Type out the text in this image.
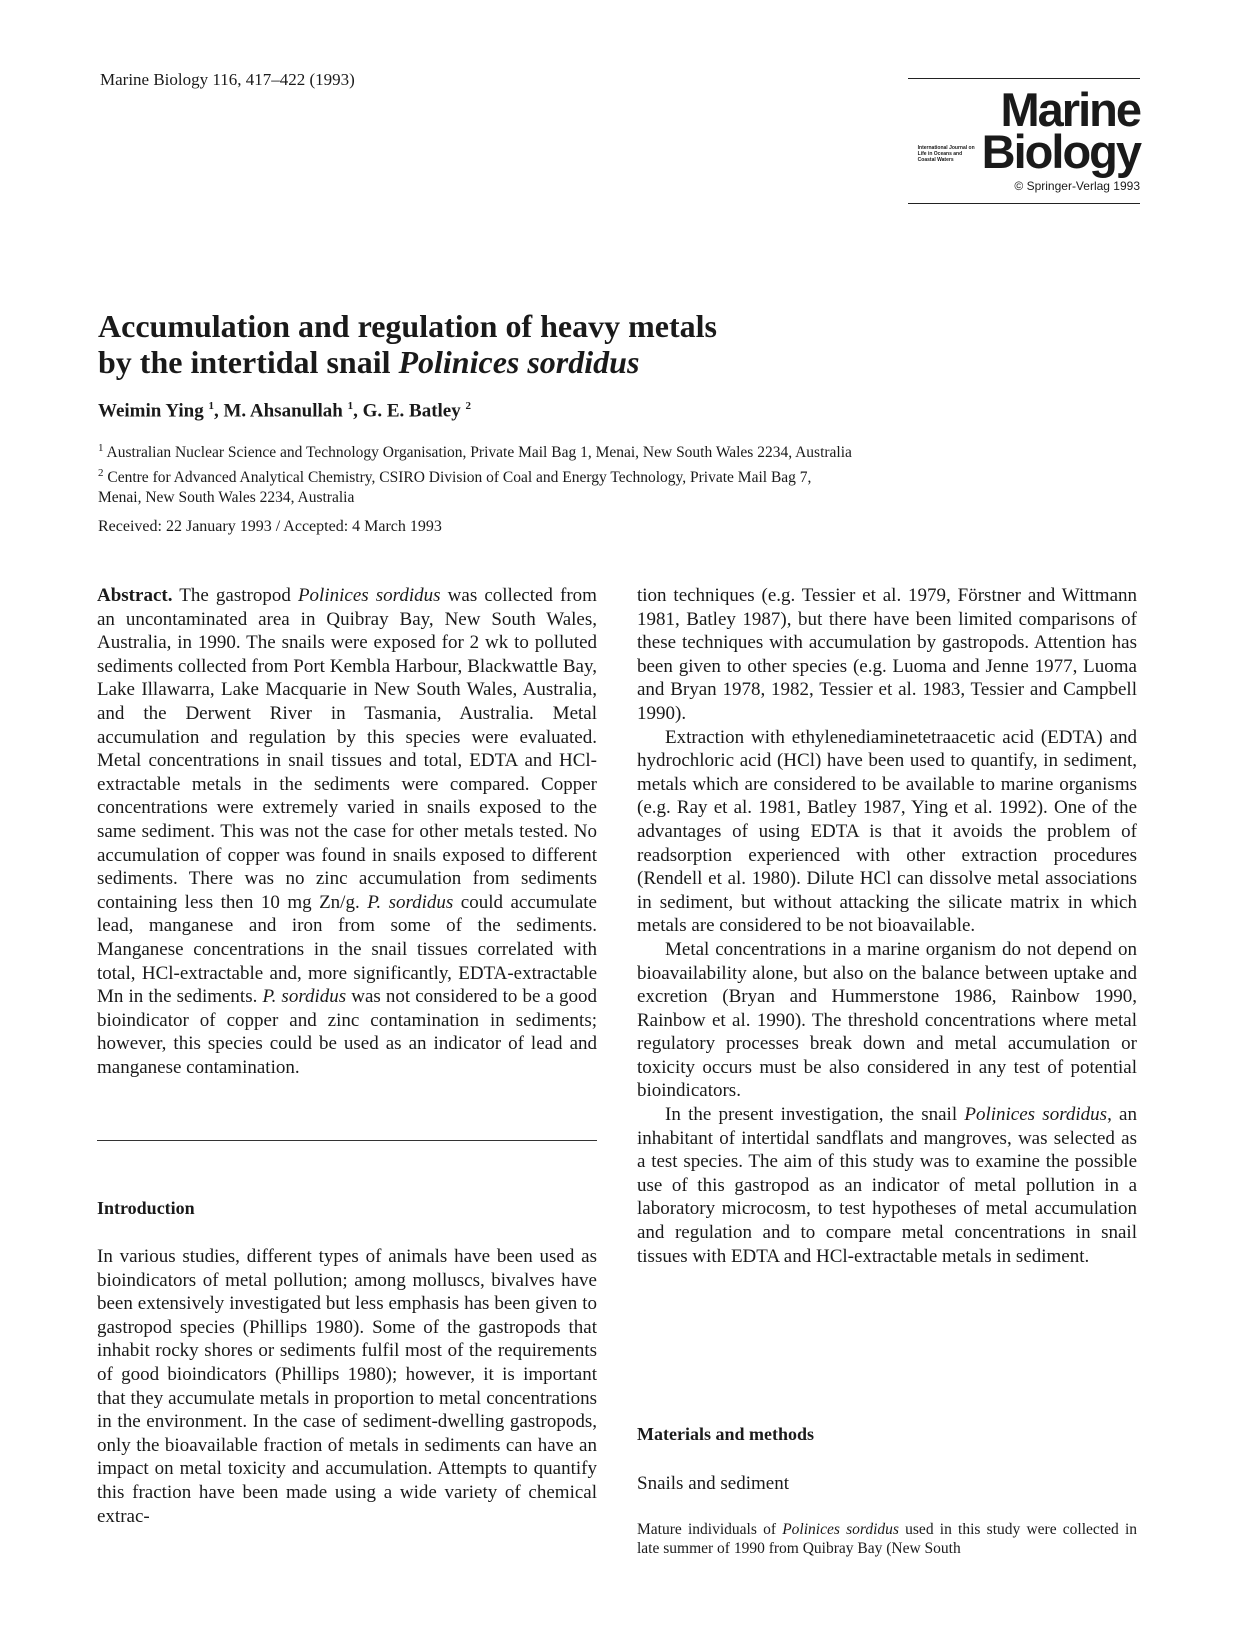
Marine Biology 116, 417–422 (1993)
Marine
International Journal on Life in Oceans and Coastal Waters Biology
© Springer-Verlag 1993
Accumulation and regulation of heavy metals
by the intertidal snail Polinices sordidus
Weimin Ying $^1$, M. Ahsanullah $^1$, G. E. Batley $^2$
$^1$ Australian Nuclear Science and Technology Organisation, Private Mail Bag 1, Menai, New South Wales 2234, Australia
$^2$ Centre for Advanced Analytical Chemistry, CSIRO Division of Coal and Energy Technology, Private Mail Bag 7,
Menai, New South Wales 2234, Australia
Received: 22 January 1993 / Accepted: 4 March 1993

Abstract. The gastropod Polinices sordidus was collected from an uncontaminated area in Quibray Bay, New South Wales, Australia, in 1990. The snails were exposed for 2 wk to polluted sediments collected from Port Kembla Harbour, Blackwattle Bay, Lake Illawarra, Lake Macquarie in New South Wales, Australia, and the Derwent River in Tasmania, Australia. Metal accumulation and regulation by this species were evaluated. Metal concentrations in snail tissues and total, EDTA and HCl-extractable metals in the sediments were compared. Copper concentrations were extremely varied in snails exposed to the same sediment. This was not the case for other metals tested. No accumulation of copper was found in snails exposed to different sediments. There was no zinc accumulation from sediments containing less then 10 mg Zn/g. P. sordidus could accumulate lead, manganese and iron from some of the sediments. Manganese concentrations in the snail tissues correlated with total, HCl-extractable and, more significantly, EDTA-extractable Mn in the sediments. P. sordidus was not considered to be a good bioindicator of copper and zinc contamination in sediments; however, this species could be used as an indicator of lead and manganese contamination.

Introduction

In various studies, different types of animals have been used as bioindicators of metal pollution; among molluscs, bivalves have been extensively investigated but less emphasis has been given to gastropod species (Phillips 1980). Some of the gastropods that inhabit rocky shores or sediments fulfil most of the requirements of good bioindicators (Phillips 1980); however, it is important that they accumulate metals in proportion to metal concentrations in the environment. In the case of sediment-dwelling gastropods, only the bioavailable fraction of metals in sediments can have an impact on metal toxicity and accumulation. Attempts to quantify this fraction have been made using a wide variety of chemical extrac-

tion techniques (e.g. Tessier et al. 1979, Förstner and Wittmann 1981, Batley 1987), but there have been limited comparisons of these techniques with accumulation by gastropods. Attention has been given to other species (e.g. Luoma and Jenne 1977, Luoma and Bryan 1978, 1982, Tessier et al. 1983, Tessier and Campbell 1990).

Extraction with ethylenediaminetetraacetic acid (EDTA) and hydrochloric acid (HCl) have been used to quantify, in sediment, metals which are considered to be available to marine organisms (e.g. Ray et al. 1981, Batley 1987, Ying et al. 1992). One of the advantages of using EDTA is that it avoids the problem of readsorption experienced with other extraction procedures (Rendell et al. 1980). Dilute HCl can dissolve metal associations in sediment, but without attacking the silicate matrix in which metals are considered to be not bioavailable.

Metal concentrations in a marine organism do not depend on bioavailability alone, but also on the balance between uptake and excretion (Bryan and Hummerstone 1986, Rainbow 1990, Rainbow et al. 1990). The threshold concentrations where metal regulatory processes break down and metal accumulation or toxicity occurs must be also considered in any test of potential bioindicators.

In the present investigation, the snail Polinices sordidus, an inhabitant of intertidal sandflats and mangroves, was selected as a test species. The aim of this study was to examine the possible use of this gastropod as an indicator of metal pollution in a laboratory microcosm, to test hypotheses of metal accumulation and regulation and to compare metal concentrations in snail tissues with EDTA and HCl-extractable metals in sediment.

Materials and methods
Snails and sediment
Mature individuals of Polinices sordidus used in this study were collected in late summer of 1990 from Quibray Bay (New South
